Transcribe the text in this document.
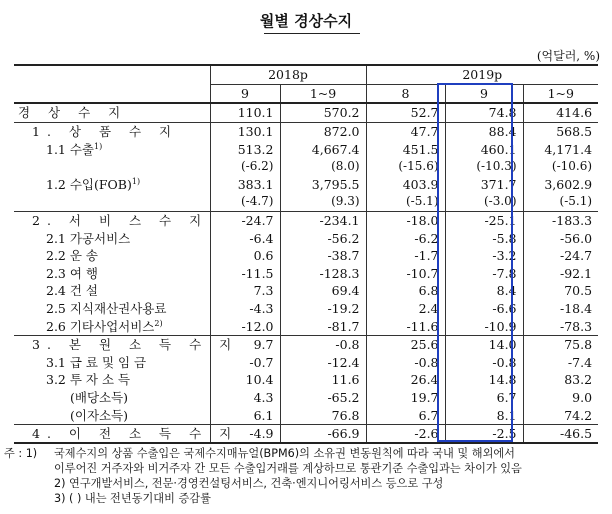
월별 경상수지
(억달러, %)
	2018p		2019p		
	9	1~9	8	9	1~9
경 상 수 지	110.1	570.2	52.7	74.8	414.6
1. 상 품 수 지	130.1	872.0	47.7	88.4	568.5
1.1 수출$^{1)}$	513.2	4,667.4	451.5	460.1	4,171.4
	(-6.2)	(8.0)	(-15.6)	(-10.3)	(-10.6)
1.2 수입(FOB)$^{1)}$	383.1	3,795.5	403.9	371.7	3,602.9
	(-4.7)	(9.3)	(-5.1)	(-3.0)	(-5.1)
2. 서 비 스 수 지	-24.7	-234.1	-18.0	-25.1	-183.3
2.1 가공서비스	-6.4	-56.2	-6.2	-5.8	-56.0
2.2 운 송	0.6	-38.7	-1.7	-3.2	-24.7
2.3 여 행	-11.5	-128.3	-10.7	-7.8	-92.1
2.4 건 설	7.3	69.4	6.8	8.4	70.5
2.5 지식재산권사용료	-4.3	-19.2	2.4	-6.6	-18.4
2.6 기타사업서비스$^{2)}$	-12.0	-81.7	-11.6	-10.9	-78.3
3. 본 원 소 득 수 지	9.7	-0.8	25.6	14.0	75.8
3.1 급 료 및 임 금	-0.7	-12.4	-0.8	-0.8	-7.4
3.2 투 자 소 득	10.4	11.6	26.4	14.8	83.2
(배당소득)	4.3	-65.2	19.7	6.7	9.0
(이자소득)	6.1	76.8	6.7	8.1	74.2
4. 이 전 소 득 수 지	-4.9	-66.9	-2.6	-2.5	-46.5
주 : 1)	국제수지의 상품 수출입은 국제수지매뉴얼(BPM6)의 소유권 변동원칙에 따라 국내 및 해외에서
이루어진 거주자와 비거주자 간 모든 수출입거래를 계상하므로 통관기준 수출입과는 차이가 있음
2) 연구개발서비스, 전문·경영컨설팅서비스, 건축·엔지니어링서비스 등으로 구성
3) ( ) 내는 전년동기대비 증감률
